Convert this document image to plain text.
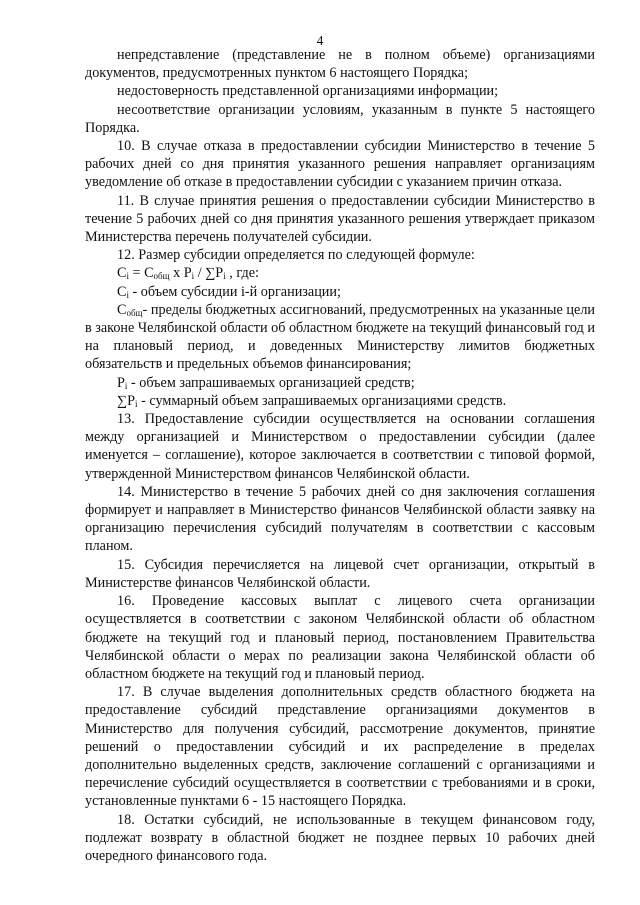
4

непредставление (представление не в полном объеме) организациями документов, предусмотренных пунктом 6 настоящего Порядка;

недостоверность представленной организациями информации;

несоответствие организации условиям, указанным в пункте 5 настоящего Порядка.

10. В случае отказа в предоставлении субсидии Министерство в течение 5 рабочих дней со дня принятия указанного решения направляет организациям уведомление об отказе в предоставлении субсидии с указанием причин отказа.

11. В случае принятия решения о предоставлении субсидии Министерство в течение 5 рабочих дней со дня принятия указанного решения утверждает приказом Министерства перечень получателей субсидии.

12. Размер субсидии определяется по следующей формуле:

$C_i = C_{общ}$ x $P_i / \sum P_i$ , где:

$C_i$ - объем субсидии i-й организации;

$C_{общ}-$ пределы бюджетных ассигнований, предусмотренных на указанные цели в законе Челябинской области об областном бюджете на текущий финансовый год и на плановый период, и доведенных Министерству лимитов бюджетных обязательств и предельных объемов финансирования;

$P_i$ - объем запрашиваемых организацией средств;

$\sum P_i$ - суммарный объем запрашиваемых организациями средств.

13. Предоставление субсидии осуществляется на основании соглашения между организацией и Министерством о предоставлении субсидии (далее именуется – соглашение), которое заключается в соответствии с типовой формой, утвержденной Министерством финансов Челябинской области.

14. Министерство в течение 5 рабочих дней со дня заключения соглашения формирует и направляет в Министерство финансов Челябинской области заявку на организацию перечисления субсидий получателям в соответствии с кассовым планом.

15. Субсидия перечисляется на лицевой счет организации, открытый в Министерстве финансов Челябинской области.

16. Проведение кассовых выплат с лицевого счета организации осуществляется в соответствии с законом Челябинской области об областном бюджете на текущий год и плановый период, постановлением Правительства Челябинской области о мерах по реализации закона Челябинской области об областном бюджете на текущий год и плановый период.

17. В случае выделения дополнительных средств областного бюджета на предоставление субсидий представление организациями документов в Министерство для получения субсидий, рассмотрение документов, принятие решений о предоставлении субсидий и их распределение в пределах дополнительно выделенных средств, заключение соглашений с организациями и перечисление субсидий осуществляется в соответствии с требованиями и в сроки, установленные пунктами 6 - 15 настоящего Порядка.

18. Остатки субсидий, не использованные в текущем финансовом году, подлежат возврату в областной бюджет не позднее первых 10 рабочих дней очередного финансового года.
